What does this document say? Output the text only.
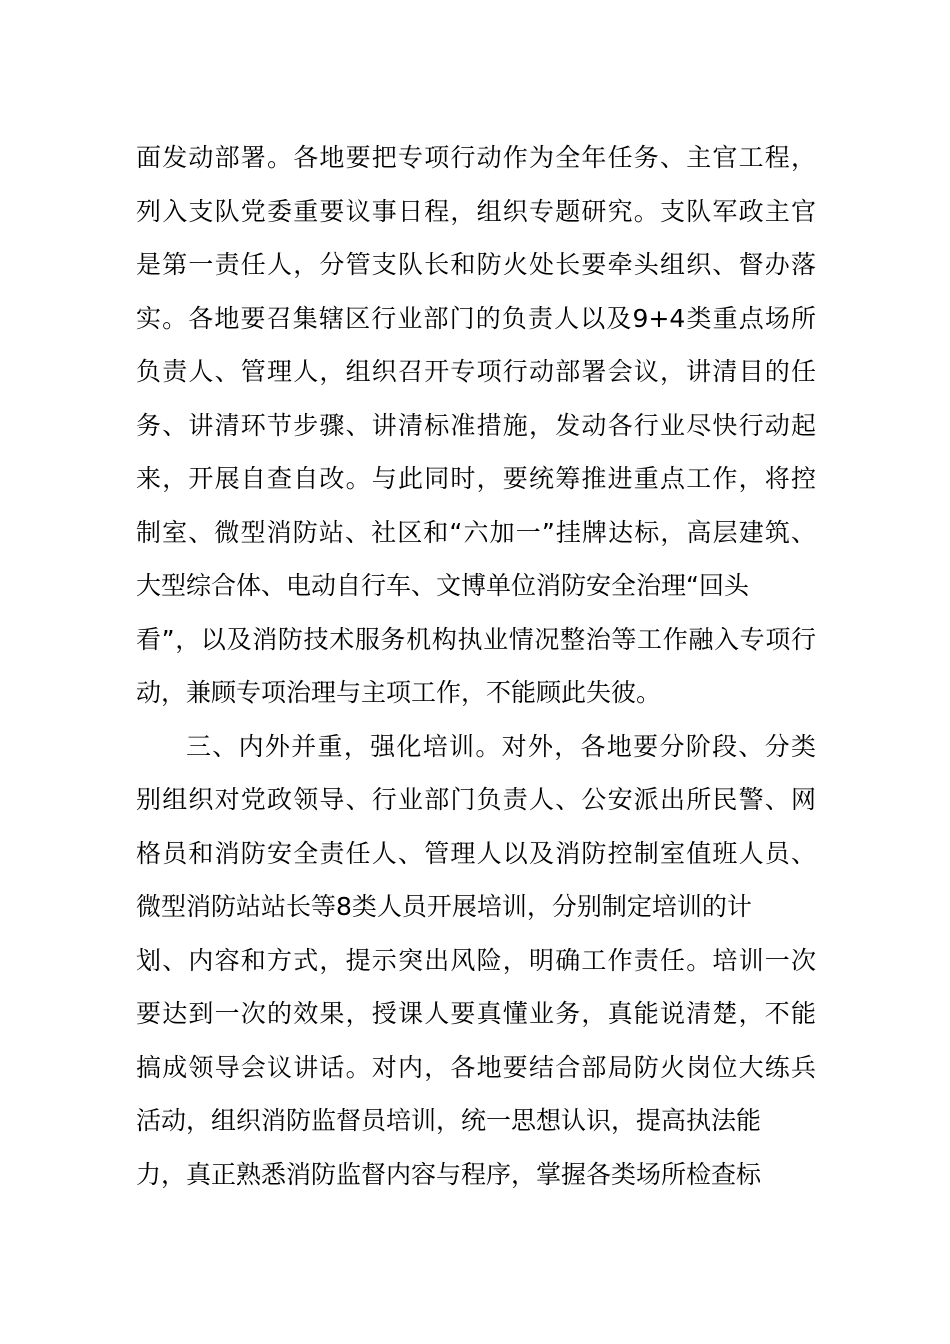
面发动部署。各地要把专项行动作为全年任务、主官工程，
列入支队党委重要议事日程，组织专题研究。支队军政主官
是第一责任人，分管支队长和防火处长要牵头组织、督办落
实。各地要召集辖区行业部门的负责人以及9+4类重点场所
负责人、管理人，组织召开专项行动部署会议，讲清目的任
务、讲清环节步骤、讲清标准措施，发动各行业尽快行动起
来，开展自查自改。与此同时，要统筹推进重点工作，将控
制室、微型消防站、社区和“六加一”挂牌达标，高层建筑、
大型综合体、电动自行车、文博单位消防安全治理“回头
看”，以及消防技术服务机构执业情况整治等工作融入专项行
动，兼顾专项治理与主项工作，不能顾此失彼。
三、内外并重，强化培训。对外，各地要分阶段、分类
别组织对党政领导、行业部门负责人、公安派出所民警、网
格员和消防安全责任人、管理人以及消防控制室值班人员、
微型消防站站长等8类人员开展培训，分别制定培训的计
划、内容和方式，提示突出风险，明确工作责任。培训一次
要达到一次的效果，授课人要真懂业务，真能说清楚，不能
搞成领导会议讲话。对内，各地要结合部局防火岗位大练兵
活动，组织消防监督员培训，统一思想认识，提高执法能
力，真正熟悉消防监督内容与程序，掌握各类场所检查标
